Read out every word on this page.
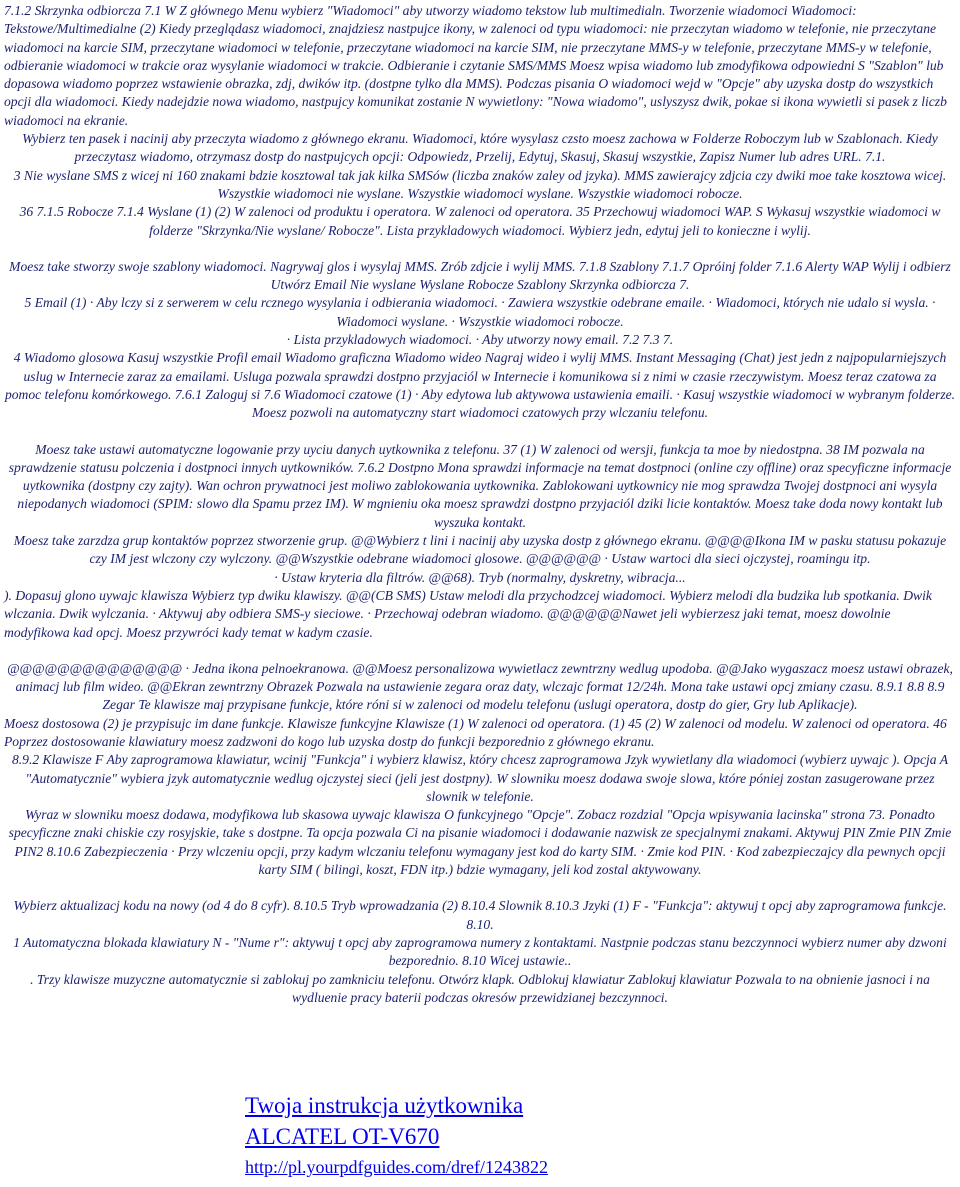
7.1.2 Skrzynka odbiorcza 7.1 W Z głównego Menu wybierz "Wiadomoci" aby utworzy wiadomo tekstow lub multimedialn. Tworzenie wiadomoci Wiadomoci: Tekstowe/Multimedialne (2) Kiedy przeglądasz wiadomoci, znajdziesz nastpujce ikony, w zalenoci od typu wiadomoci: nie przeczytan wiadomo w telefonie, nie przeczytane wiadomoci na karcie SIM, przeczytane wiadomoci w telefonie, przeczytane wiadomoci na karcie SIM, nie przeczytane MMS-y w telefonie, przeczytane MMS-y w telefonie, odbieranie wiadomoci w trakcie oraz wysylanie wiadomoci w trakcie. Odbieranie i czytanie SMS/MMS Moesz wpisa wiadomo lub zmodyfikowa odpowiedni S "Szablon" lub dopasowa wiadomo poprzez wstawienie obrazka, zdj, dwików itp. (dostpne tylko dla MMS). Podczas pisania O wiadomoci wejd w "Opcje" aby uzyska dostp do wszystkich opcji dla wiadomoci. Kiedy nadejdzie nowa wiadomo, nastpujcy komunikat zostanie N wywietlony: "Nowa wiadomo", uslyszysz dwik, pokae si ikona wywietli si pasek z liczb wiadomoci na ekranie.

Wybierz ten pasek i nacinij aby przeczyta wiadomo z głównego ekranu. Wiadomoci, które wysylasz czsto moesz zachowa w Folderze Roboczym lub w Szablonach. Kiedy przeczytasz wiadomo, otrzymasz dostp do nastpujcych opcji: Odpowiedz, Przelij, Edytuj, Skasuj, Skasuj wszystkie, Zapisz Numer lub adres URL. 7.1.

3 Nie wyslane SMS z wicej ni 160 znakami bdzie kosztowal tak jak kilka SMSów (liczba znaków zaley od jzyka). MMS zawierajcy zdjcia czy dwiki moe take kosztowa wicej. Wszystkie wiadomoci nie wyslane. Wszystkie wiadomoci wyslane. Wszystkie wiadomoci robocze.

36 7.1.5 Robocze 7.1.4 Wyslane (1) (2) W zalenoci od produktu i operatora. W zalenoci od operatora. 35 Przechowuj wiadomoci WAP. S Wykasuj wszystkie wiadomoci w folderze "Skrzynka/Nie wyslane/ Robocze". Lista przykladowych wiadomoci. Wybierz jedn, edytuj jeli to konieczne i wylij.

Moesz take stworzy swoje szablony wiadomoci. Nagrywaj glos i wysylaj MMS. Zrób zdjcie i wylij MMS. 7.1.8 Szablony 7.1.7 Opróinj folder 7.1.6 Alerty WAP Wylij i odbierz Utwórz Email Nie wyslane Wyslane Robocze Szablony Skrzynka odbiorcza 7.

5 Email (1) · Aby lczy si z serwerem w celu rcznego wysylania i odbierania wiadomoci. · Zawiera wszystkie odebrane emaile. · Wiadomoci, których nie udalo si wysla. · Wiadomoci wyslane. · Wszystkie wiadomoci robocze.

· Lista przykladowych wiadomoci. · Aby utworzy nowy email. 7.2 7.3 7.

4 Wiadomo glosowa Kasuj wszystkie Profil email Wiadomo graficzna Wiadomo wideo Nagraj wideo i wylij MMS. Instant Messaging (Chat) jest jedn z najpopularniejszych uslug w Internecie zaraz za emailami. Usluga pozwala sprawdzi dostpno przyjaciól w Internecie i komunikowa si z nimi w czasie rzeczywistym. Moesz teraz czatowa za pomoc telefonu komórkowego. 7.6.1 Zaloguj si 7.6 Wiadomoci czatowe (1) · Aby edytowa lub aktywowa ustawienia emaili. · Kasuj wszystkie wiadomoci w wybranym folderze. Moesz pozwoli na automatyczny start wiadomoci czatowych przy wlczaniu telefonu.

Moesz take ustawi automatyczne logowanie przy uyciu danych uytkownika z telefonu. 37 (1) W zalenoci od wersji, funkcja ta moe by niedostpna. 38 IM pozwala na sprawdzenie statusu polczenia i dostpnoci innych uytkowników. 7.6.2 Dostpno Mona sprawdzi informacje na temat dostpnoci (online czy offline) oraz specyficzne informacje uytkownika (dostpny czy zajty). Wan ochron prywatnoci jest moliwo zablokowania uytkownika. Zablokowani uytkownicy nie mog sprawdza Twojej dostpnoci ani wysyla niepodanych wiadomoci (SPIM: slowo dla Spamu przez IM). W mgnieniu oka moesz sprawdzi dostpno przyjaciól dziki licie kontaktów. Moesz take doda nowy kontakt lub wyszuka kontakt.

Moesz take zarzdza grup kontaktów poprzez stworzenie grup. @@Wybierz t lini i nacinij aby uzyska dostp z głównego ekranu. @@@@Ikona IM w pasku statusu pokazuje czy IM jest wlczony czy wylczony. @@Wszystkie odebrane wiadomoci glosowe. @@@@@@ · Ustaw wartoci dla sieci ojczystej, roamingu itp.

· Ustaw kryteria dla filtrów. @@68). Tryb (normalny, dyskretny, wibracja...

). Dopasuj glono uywajc klawisza Wybierz typ dwiku klawiszy. @@(CB SMS) Ustaw melodi dla przychodzcej wiadomoci. Wybierz melodi dla budzika lub spotkania. Dwik wlczania. Dwik wylczania. · Aktywuj aby odbiera SMS-y sieciowe. · Przechowaj odebran wiadomo. @@@@@@Nawet jeli wybierzesz jaki temat, moesz dowolnie modyfikowa kad opcj. Moesz przywróci kady temat w kadym czasie.

@@@@@@@@@@@@@@ · Jedna ikona pelnoekranowa. @@Moesz personalizowa wywietlacz zewntrzny wedlug upodoba. @@Jako wygaszacz moesz ustawi obrazek, animacj lub film wideo. @@Ekran zewntrzny Obrazek Pozwala na ustawienie zegara oraz daty, wlczajc format 12/24h. Mona take ustawi opcj zmiany czasu. 8.9.1 8.8 8.9 Zegar Te klawisze maj przypisane funkcje, które róni si w zalenoci od modelu telefonu (uslugi operatora, dostp do gier, Gry lub Aplikacje).

Moesz dostosowa (2) je przypisujc im dane funkcje. Klawisze funkcyjne Klawisze (1) W zalenoci od operatora. (1) 45 (2) W zalenoci od modelu. W zalenoci od operatora. 46 Poprzez dostosowanie klawiatury moesz zadzwoni do kogo lub uzyska dostp do funkcji bezporednio z głównego ekranu.

8.9.2 Klawisze F Aby zaprogramowa klawiatur, wcinij "Funkcja" i wybierz klawisz, który chcesz zaprogramowa Jzyk wywietlany dla wiadomoci (wybierz uywajc ). Opcja A "Automatycznie" wybiera jzyk automatycznie wedlug ojczystej sieci (jeli jest dostpny). W slowniku moesz dodawa swoje slowa, które póniej zostan zasugerowane przez slownik w telefonie.

Wyraz w slowniku moesz dodawa, modyfikowa lub skasowa uywajc klawisza O funkcyjnego "Opcje". Zobacz rozdzial "Opcja wpisywania lacinska" strona 73. Ponadto specyficzne znaki chiskie czy rosyjskie, take s dostpne. Ta opcja pozwala Ci na pisanie wiadomoci i dodawanie nazwisk ze specjalnymi znakami. Aktywuj PIN Zmie PIN Zmie PIN2 8.10.6 Zabezpieczenia · Przy wlczeniu opcji, przy kadym wlczaniu telefonu wymagany jest kod do karty SIM. · Zmie kod PIN. · Kod zabezpieczajcy dla pewnych opcji karty SIM ( bilingi, koszt, FDN itp.) bdzie wymagany, jeli kod zostal aktywowany.

Wybierz aktualizacj kodu na nowy (od 4 do 8 cyfr). 8.10.5 Tryb wprowadzania (2) 8.10.4 Slownik 8.10.3 Jzyki (1) F - "Funkcja": aktywuj t opcj aby zaprogramowa funkcje. 8.10.

1 Automatyczna blokada klawiatury N - "Nume r": aktywuj t opcj aby zaprogramowa numery z kontaktami. Nastpnie podczas stanu bezczynnoci wybierz numer aby dzwoni bezporednio. 8.10 Wicej ustawie..

. Trzy klawisze muzyczne automatycznie si zablokuj po zamkniciu telefonu. Otwórz klapk. Odblokuj klawiatur Zablokuj klawiatur Pozwala to na obnienie jasnoci i na wydluenie pracy baterii podczas okresów przewidzianej bezczynnoci.

Twoja instrukcja użytkownika
ALCATEL OT-V670
http://pl.yourpdfguides.com/dref/1243822
